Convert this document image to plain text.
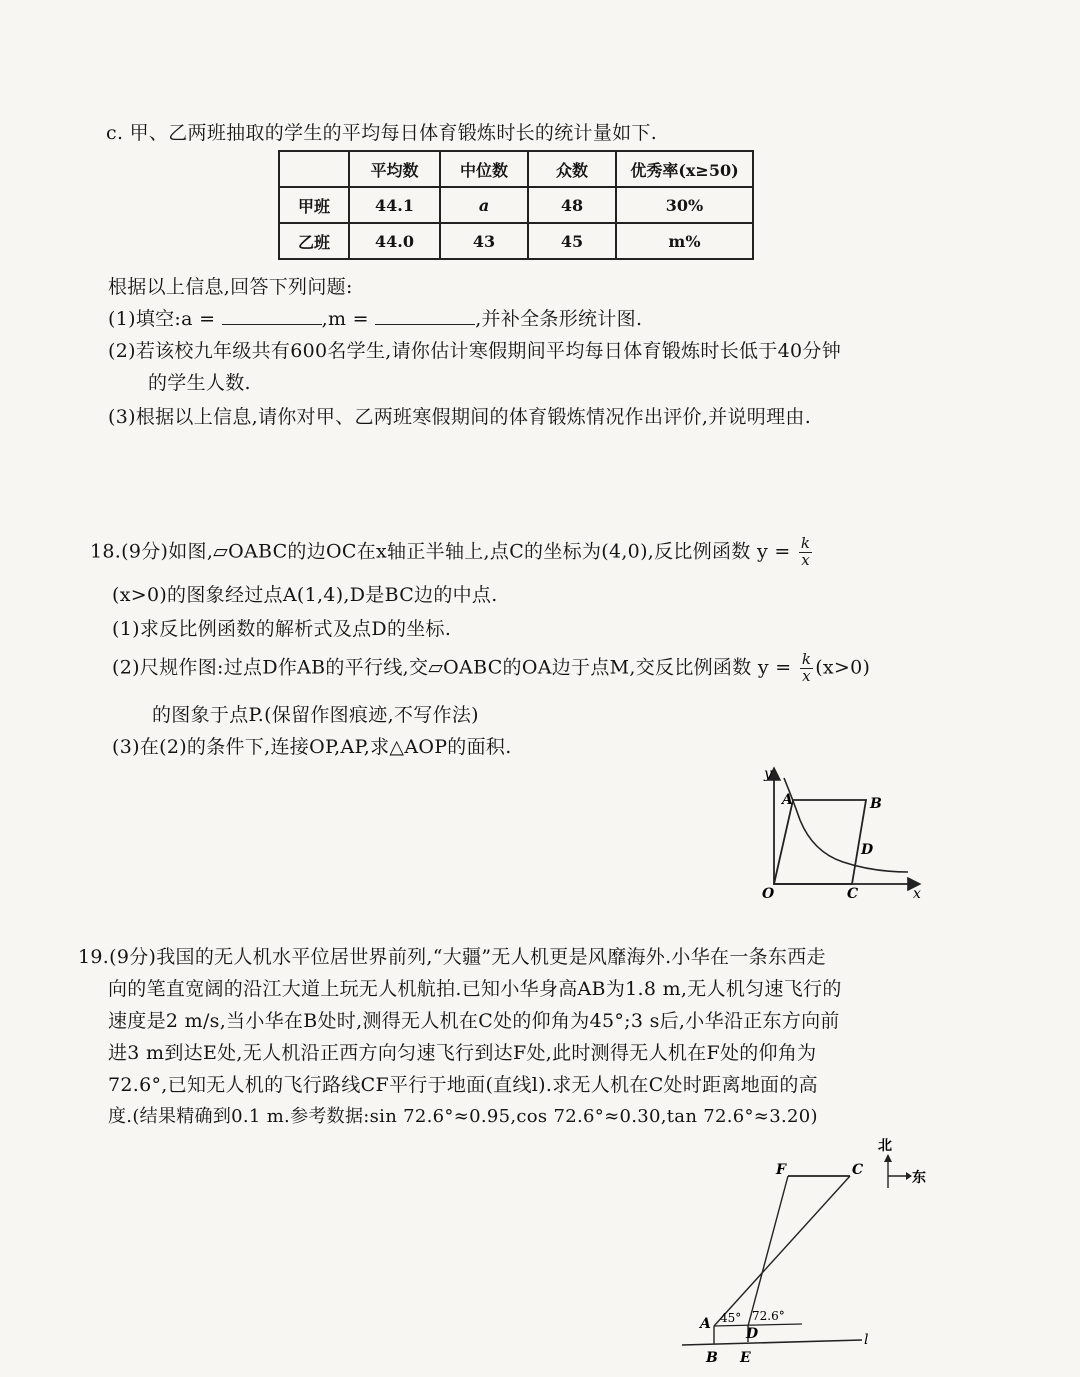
c. 甲、乙两班抽取的学生的平均每日体育锻炼时长的统计量如下.
	平均数	中位数	众数	优秀率(x≥50)
甲班	44.1	a	48	30%
乙班	44.0	43	45	m%
根据以上信息,回答下列问题:
(1)填空:a =	,m =	,并补全条形统计图.
(2)若该校九年级共有600名学生,请你估计寒假期间平均每日体育锻炼时长低于40分钟
的学生人数.
(3)根据以上信息,请你对甲、乙两班寒假期间的体育锻炼情况作出评价,并说明理由.
18.(9分)如图,▱OABC的边OC在x轴正半轴上,点C的坐标为(4,0),反比例函数 $y = \frac{k}{x}$
(x>0)的图象经过点A(1,4),D是BC边的中点.
(1)求反比例函数的解析式及点D的坐标.
(2)尺规作图:过点D作AB的平行线,交▱OABC的OA边于点M,交反比例函数 $y = \frac{k}{x} (x>0)$
的图象于点P.(保留作图痕迹,不写作法)
(3)在(2)的条件下,连接OP,AP,求△AOP的面积.
y
x
O
A	B
C
D
19.(9分)我国的无人机水平位居世界前列,“大疆”无人机更是风靡海外.小华在一条东西走
向的笔直宽阔的沿江大道上玩无人机航拍.已知小华身高AB为1.8 m,无人机匀速飞行的
速度是2 m/s,当小华在B处时,测得无人机在C处的仰角为45°;3 s后,小华沿正东方向前
进3 m到达E处,无人机沿正西方向匀速飞行到达F处,此时测得无人机在F处的仰角为
72.6°,已知无人机的飞行路线CF平行于地面(直线l).求无人机在C处时距离地面的高
度.(结果精确到0.1 m.参考数据:sin 72.6°≈0.95,cos 72.6°≈0.30,tan 72.6°≈3.20)
北
东
F	C
A
D
B E
l
45° 72.6°
